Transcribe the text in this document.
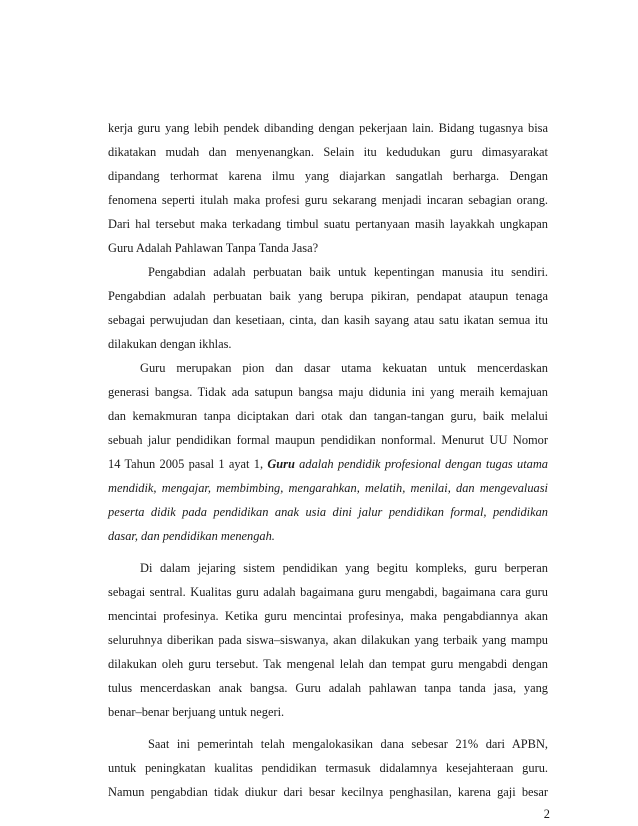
kerja guru yang lebih pendek dibanding dengan pekerjaan lain. Bidang tugasnya bisa
dikatakan mudah dan menyenangkan. Selain itu kedudukan guru dimasyarakat
dipandang terhormat karena ilmu yang diajarkan sangatlah berharga. Dengan
fenomena seperti itulah maka profesi guru sekarang menjadi incaran sebagian orang.
Dari hal tersebut maka terkadang timbul suatu pertanyaan masih layakkah ungkapan
Guru Adalah Pahlawan Tanpa Tanda Jasa?
Pengabdian adalah perbuatan baik untuk kepentingan manusia itu sendiri.
Pengabdian adalah perbuatan baik yang berupa pikiran, pendapat ataupun tenaga
sebagai perwujudan dan kesetiaan, cinta, dan kasih sayang atau satu ikatan semua itu
dilakukan dengan ikhlas.
Guru merupakan pion dan dasar utama kekuatan untuk mencerdaskan
generasi bangsa. Tidak ada satupun bangsa maju didunia ini yang meraih kemajuan
dan kemakmuran tanpa diciptakan dari otak dan tangan-tangan guru, baik melalui
sebuah jalur pendidikan formal maupun pendidikan nonformal. Menurut UU Nomor
14 Tahun 2005 pasal 1 ayat 1, Guru adalah pendidik profesional dengan tugas utama
mendidik, mengajar, membimbing, mengarahkan, melatih, menilai, dan mengevaluasi
peserta didik pada pendidikan anak usia dini jalur pendidikan formal, pendidikan
dasar, dan pendidikan menengah.
Di dalam jejaring sistem pendidikan yang begitu kompleks, guru berperan
sebagai sentral. Kualitas guru adalah bagaimana guru mengabdi, bagaimana cara guru
mencintai profesinya. Ketika guru mencintai profesinya, maka pengabdiannya akan
seluruhnya diberikan pada siswa–siswanya, akan dilakukan yang terbaik yang mampu
dilakukan oleh guru tersebut. Tak mengenal lelah dan tempat guru mengabdi dengan
tulus mencerdaskan anak bangsa. Guru adalah pahlawan tanpa tanda jasa, yang
benar–benar berjuang untuk negeri.
Saat ini pemerintah telah mengalokasikan dana sebesar 21% dari APBN,
untuk peningkatan kualitas pendidikan termasuk didalamnya kesejahteraan guru.
Namun pengabdian tidak diukur dari besar kecilnya penghasilan, karena gaji besar
2
